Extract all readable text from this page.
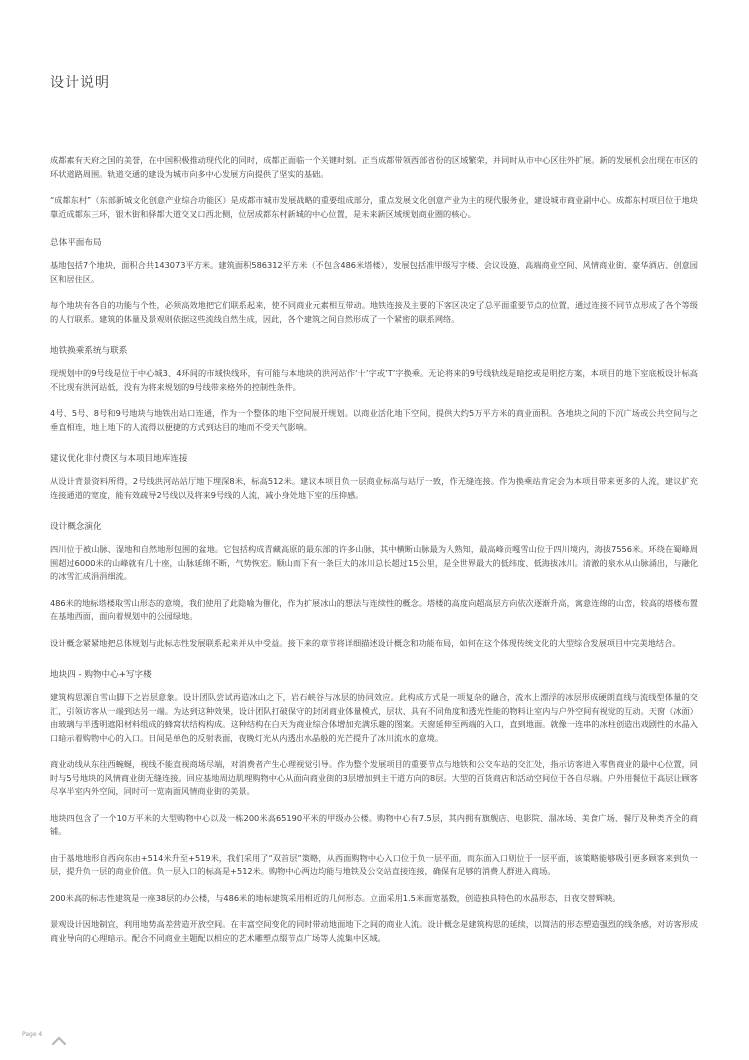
设计说明

成都素有天府之国的美誉，在中国积极推动现代化的同时，成都正面临一个关键时刻。正当成都带领西部省份的区域繁荣，并同时从市中心区往外扩展。新的发展机会出现在市区的环状道路周围。轨道交通的建设为城市向多中心发展方向提供了坚实的基础。

“成都东村”（东部新城文化创意产业综合功能区）是成都市城市发展战略的重要组成部分，重点发展文化创意产业为主的现代服务业，建设城市商业副中心。成都东村项目位于地块靠近成都东三环，银木街和驿都大道交叉口西北侧，位居成都东村新城的中心位置，是未来新区域规划商业圈的核心。

总体平面布局

基地包括7个地块，面积合共143073平方米。建筑面积586312平方米（不包含486米塔楼），发展包括准甲级写字楼、会议设施、高端商业空间、风情商业街、豪华酒店、创意园区和居住区。

每个地块有各自的功能与个性，必须高效地把它们联系起来，使不同商业元素相互带动。地铁连接及主要的下客区决定了总平面重要节点的位置，通过连接不同节点形成了各个等级的人行联系。建筑的体量及景观则依据这些流线自然生成，因此，各个建筑之间自然形成了一个紧密的联系网络。

地铁换乘系统与联系

现规划中的9号线是位于中心城3、4环间的市域快线环，有可能与本地块的洪河站作‘十’字或‘T’字换乘。无论将来的9号线轨线是暗挖或是明挖方案，本项目的地下室底板设计标高不比现有洪河站低，没有为将来规划的9号线带来格外的控制性条件。

4号、5号、8号和9号地块与地铁出站口连通，作为一个整体的地下空间展开规划。以商业活化地下空间，提供大约5万平方米的商业面积。各地块之间的下沉广场或公共空间与之垂直相连，地上地下的人流得以便捷的方式到达目的地而不受天气影响。

建议优化非付费区与本项目地库连接

从设计背景资料所得，2号线洪河站站厅地下埋深8米，标高512米。建议本项目负一层商业标高与站厅一致，作无缝连接。作为换乘站肯定会为本项目带来更多的人流，建议扩充连接通道的宽度，能有效疏导2号线以及将来9号线的人流，减小身处地下室的压抑感。

设计概念演化

四川位于被山脉、湿地和自然地形包围的盆地。它包括构成青藏高原的最东部的许多山脉，其中横断山脉最为人熟知，最高峰贡嘎雪山位于四川境内，海拔7556米。环绕在蜀峰周围超过6000米的山峰就有几十座，山脉延绵不断，气势恢宏。顺山而下有一条巨大的冰川总长超过15公里，是全世界最大的低纬度、低海拔冰川。清澈的泉水从山脉涌出，与融化的冰雪汇成涓涓细流。

486米的地标塔楼取雪山形态的意境，我们使用了此隐喻为催化，作为扩展冰山的想法与连续性的概念。塔楼的高度向超高层方向依次逐渐升高，寓意连绵的山峦，较高的塔楼布置在基地西面，面向着规划中的公园绿地。

设计概念紧紧地把总体规划与此标志性发展联系起来并从中受益。接下来的章节将详细描述设计概念和功能布局，如何在这个体现传统文化的大型综合发展项目中完美地结合。

地块四 - 购物中心+写字楼

建筑构思源自雪山脚下之岩层意象。设计团队尝试再造冰山之下，岩石峡谷与冰层的协同效应。此构成方式是一项复杂的融合，流水上漂浮的冰层形成硬朗直线与流线型体量的交汇，引领访客从一端到达另一端。为达到这种效果，设计团队打破保守的封闭商业体量模式，层状、具有不同角度和透光性能的物料让室内与户外空间有视觉的互动。天窗（冰面）由玻璃与半透明遮阳材料组成的蜂窝状结构构成。这种结构在白天为商业综合体增加充满乐趣的图案。天窗延伸至两端的入口，直到地面。就像一连串的冰柱创造出戏剧性的水晶入口暗示着购物中心的入口。日间是单色的反射表面，夜晚灯光从内透出水晶般的光芒提升了冰川流水的意境。

商业动线从东往西蜿蜒，视线不能直视商场尽端，对消费者产生心理视觉引导。作为整个发展项目的重要节点与地铁和公交车站的交汇处，指示访客进入零售商业的最中心位置，同时与5号地块的风情商业街无缝连接。回应基地周边肌理购物中心从面向商业街的3层增加到主干道方向的8层。大型的百货商店和活动空间位于各自尽端。户外用餐位于高层让顾客尽享半室内外空间，同时可一览南面风情商业街的美景。

地块四包含了一个10万平米的大型购物中心以及一栋200米高65190平米的甲级办公楼。购物中心有7.5层，其内拥有旗舰店、电影院、溜冰场、美食广场、餐厅及种类齐全的商铺。

由于基地地形自西向东由+514米升至+519米，我们采用了“双首层”策略，从西面购物中心入口位于负一层平面，而东面入口则位于一层平面，该策略能够吸引更多顾客来到负一层，提升负一层的商业价值。负一层入口的标高是+512米。购物中心两边均能与地铁及公交站直接连接，确保有足够的消费人群进入商场。

200米高的标志性建筑是一座38层的办公楼，与486米的地标建筑采用相近的几何形态。立面采用1.5米面宽基数，创造独具特色的水晶形态，日夜交替辉映。

景观设计因地制宜，利用地势高差营造开放空间。在丰富空间变化的同时带动地面地下之间的商业人流。设计概念是建筑构思的延续，以简洁的形态塑造强烈的线条感，对访客形成商业导向的心理暗示。配合不同商业主题配以相应的艺术雕塑点缀节点广场等人流集中区域。

Page 4
